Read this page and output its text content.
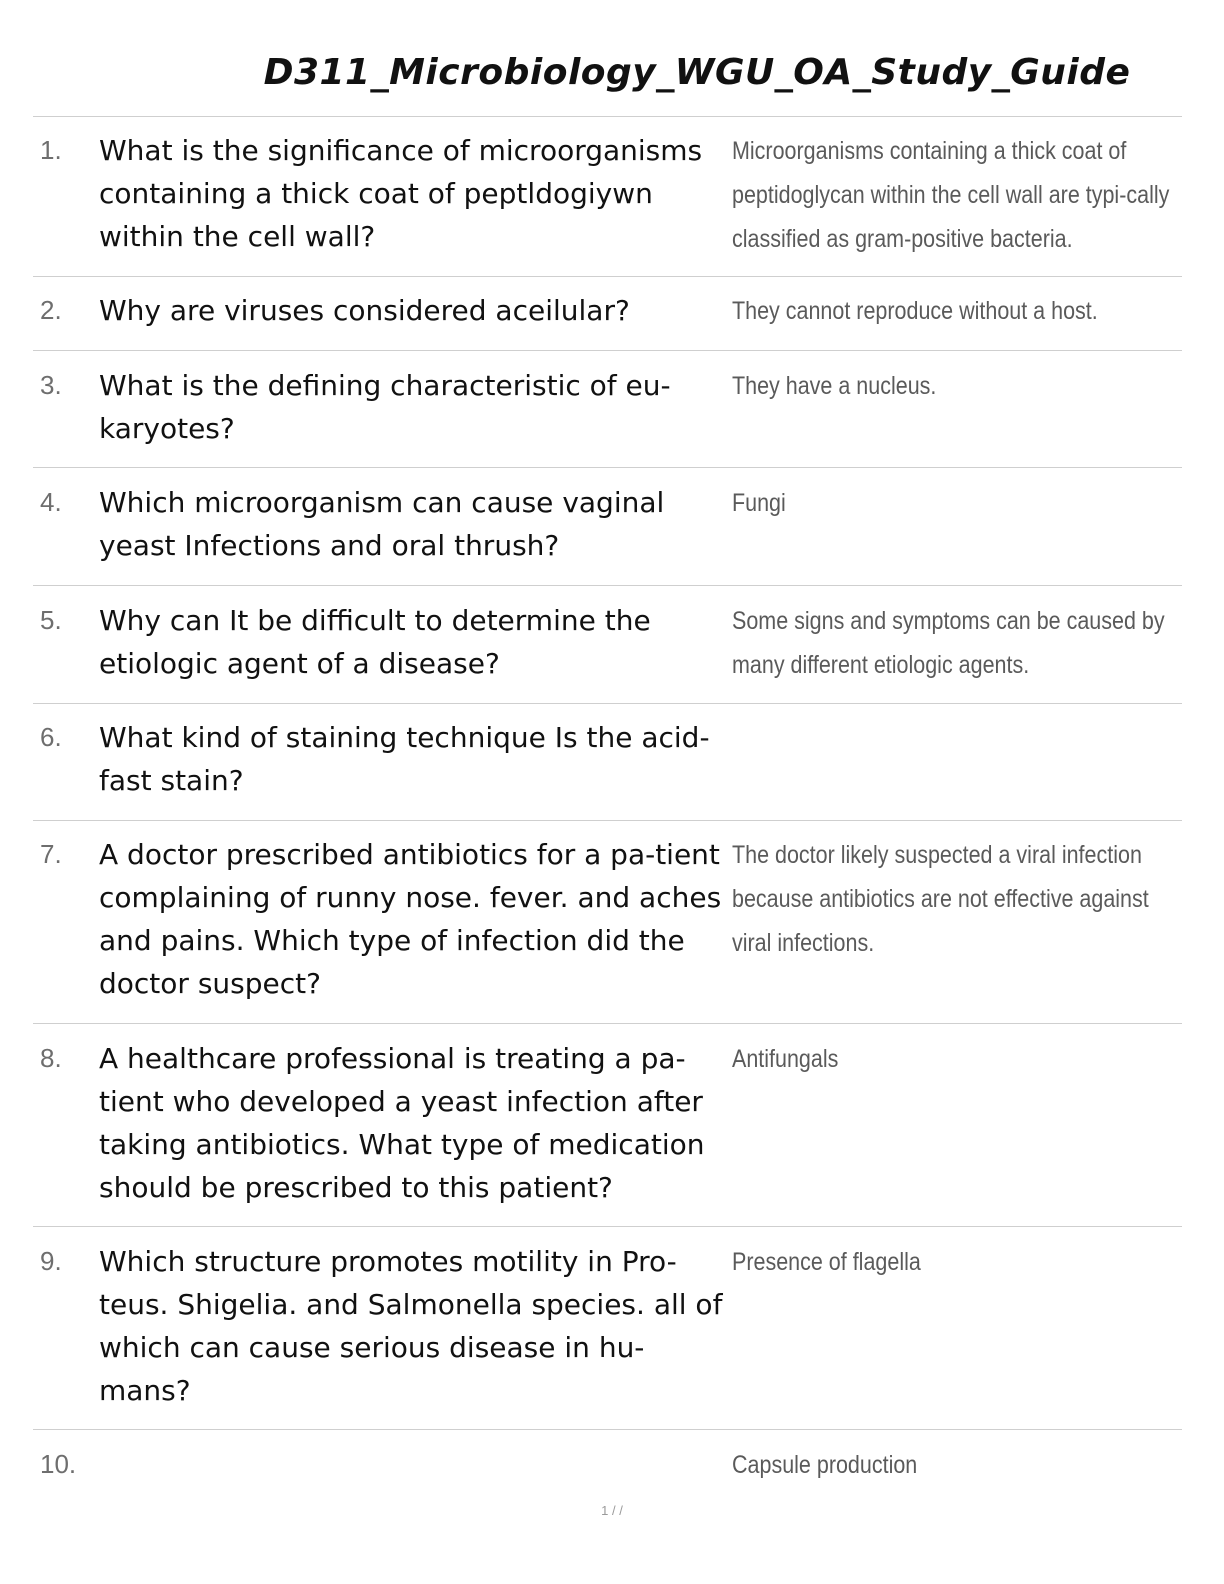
D311_Microbiology_WGU_OA_Study_Guide
1. What is the significance of microorganisms containing a thick coat of peptldogiywn within the cell wall?
Microorganisms containing a thick coat of peptidoglycan within the cell wall are typi-cally classified as gram-positive bacteria.
2. Why are viruses considered aceilular?	They cannot reproduce without a host.
3. What is the defining characteristic of eu-karyotes?
They have a nucleus.
4. Which microorganism can cause vaginal yeast Infections and oral thrush?
Fungi
5. Why can It be difficult to determine the etiologic agent of a disease?
Some signs and symptoms can be caused by many different etiologic agents.
6. What kind of staining technique Is the acid-fast stain?
7. A doctor prescribed antibiotics for a pa-tient complaining of runny nose. fever. and aches and pains. Which type of infection did the doctor suspect?
The doctor likely suspected a viral infection because antibiotics are not effective against viral infections.
8. A healthcare professional is treating a pa-tient who developed a yeast infection after taking antibiotics. What type of medication should be prescribed to this patient?
Antifungals
9. Which structure promotes motility in Pro-teus. Shigelia. and Salmonella species. all of which can cause serious disease in hu-mans?
Presence of flagella
10.	Capsule production
1 / /
